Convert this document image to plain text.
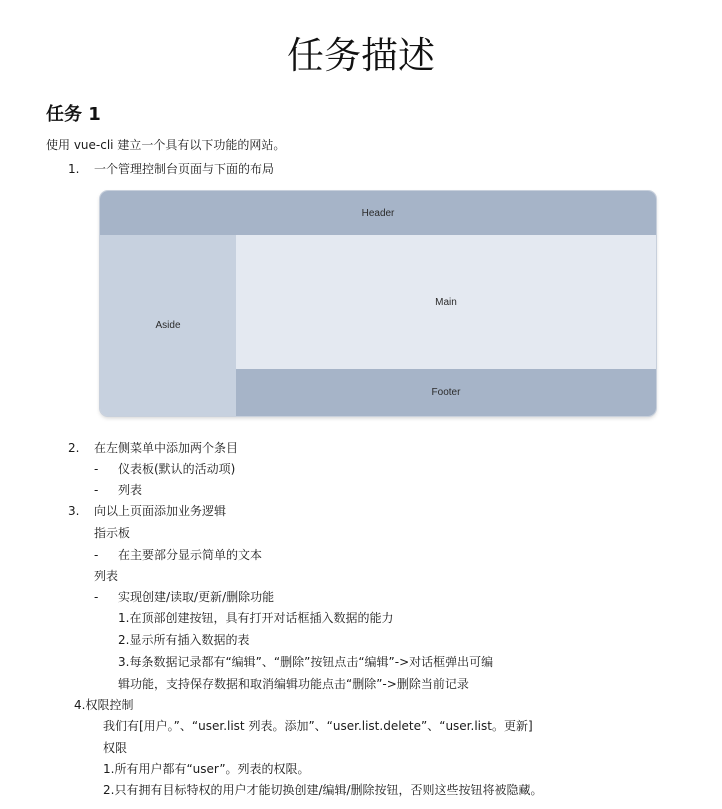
任务描述
任务 1
使用 vue-cli 建立一个具有以下功能的网站。
1. 一个管理控制台页面与下面的布局
Header
Aside
Main
Footer
2. 在左侧菜单中添加两个条目
- 仪表板(默认的活动项)
- 列表
3. 向以上页面添加业务逻辑
指示板
- 在主要部分显示简单的文本
列表
- 实现创建/读取/更新/删除功能
1.在顶部创建按钮，具有打开对话框插入数据的能力
2.显示所有插入数据的表
3.每条数据记录都有“编辑”、“删除”按钮点击“编辑”->对话框弹出可编
辑功能，支持保存数据和取消编辑功能点击“删除”->删除当前记录
4.权限控制
我们有[用户。”、“user.list 列表。添加”、“user.list.delete”、“user.list。更新]
权限
1.所有用户都有“user”。列表的权限。
2.只有拥有目标特权的用户才能切换创建/编辑/删除按钮，否则这些按钮将被隐藏。
